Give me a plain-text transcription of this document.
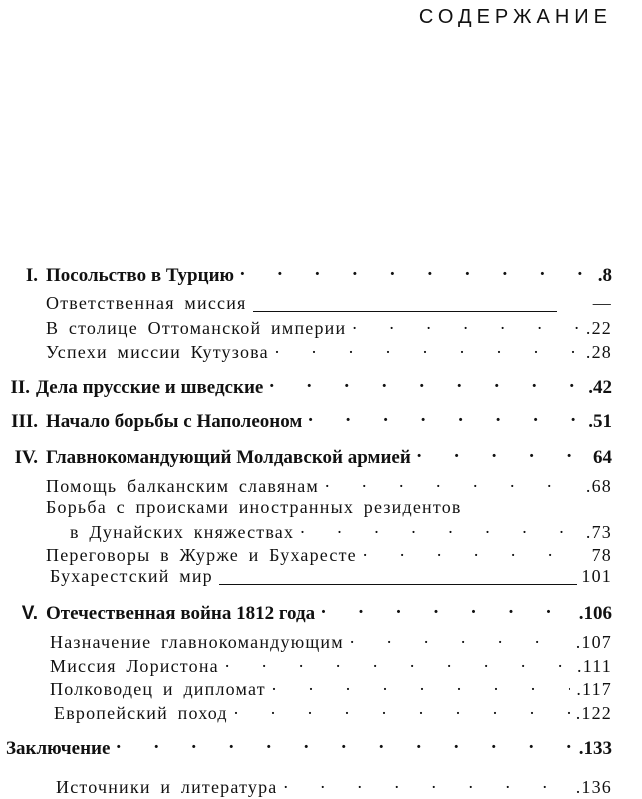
СОДЕРЖАНИЕ
I. Посольство в Турцию . . .	.8
Ответственная миссия	—
В столице Оттоманской империи . . .	.22
Успехи миссии Кутузова . . .	.28
II. Дела прусские и шведские . . .	.42
III. Начало борьбы с Наполеоном . . .	.51
IV. Главнокомандующий Молдавской армией . . .	64
Помощь балканским славянам . . .	.68
Борьба с происками иностранных резидентов
в Дунайских княжествах . . .	.73
Переговоры в Журже и Бухаресте . . .	78
Бухарестский мир	101
V. Отечественная война 1812 года . . .	.106
Назначение главнокомандующим . . .	.107
Миссия Лористона . . .	.111
Полководец и дипломат . . .	.117
Европейский поход . . .	.122
Заключение . . .	.133
Источники и литература . . .	.136
